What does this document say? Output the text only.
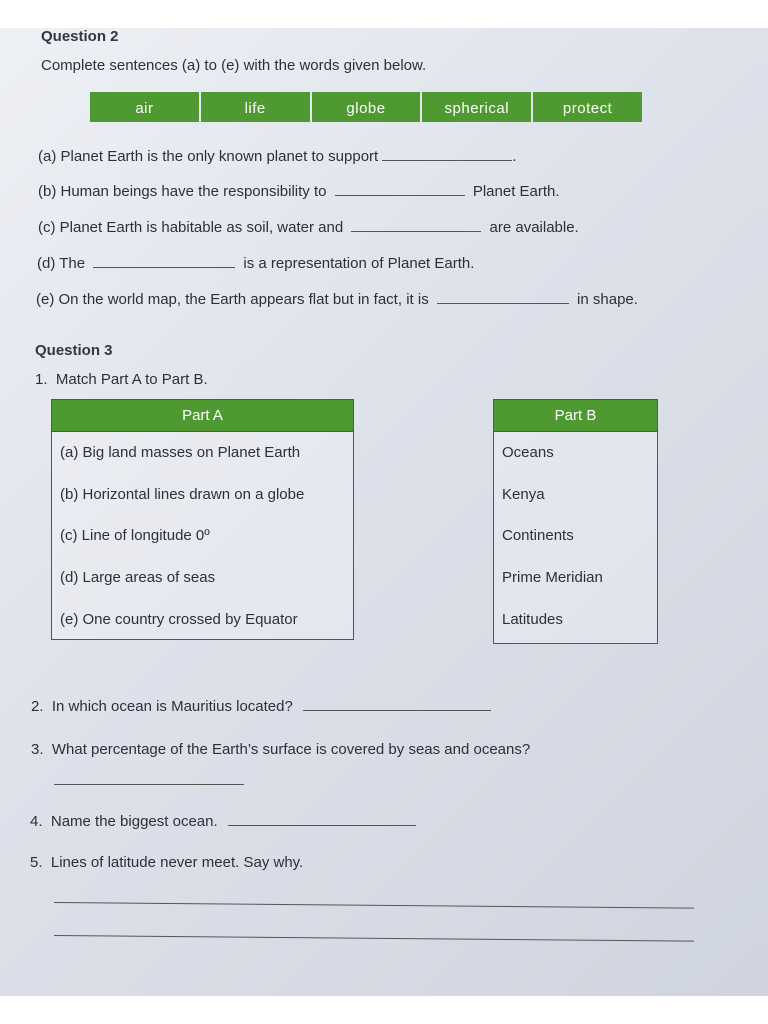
Question 2
Complete sentences (a) to (e) with the words given below.
air	life	globe	spherical	protect
(a) Planet Earth is the only known planet to support	.
(b) Human beings have the responsibility to	Planet Earth.
(c) Planet Earth is habitable as soil, water and	are available.
(d) The	is a representation of Planet Earth.
(e) On the world map, the Earth appears flat but in fact, it is	in shape.
Question 3
1. Match Part A to Part B.
Part A
(a) Big land masses on Planet Earth
(b) Horizontal lines drawn on a globe
(c) Line of longitude 0º
(d) Large areas of seas
(e) One country crossed by Equator
Part B
Oceans
Kenya
Continents
Prime Meridian
Latitudes
2. In which ocean is Mauritius located?
3. What percentage of the Earth’s surface is covered by seas and oceans?
4. Name the biggest ocean.
5. Lines of latitude never meet. Say why.
